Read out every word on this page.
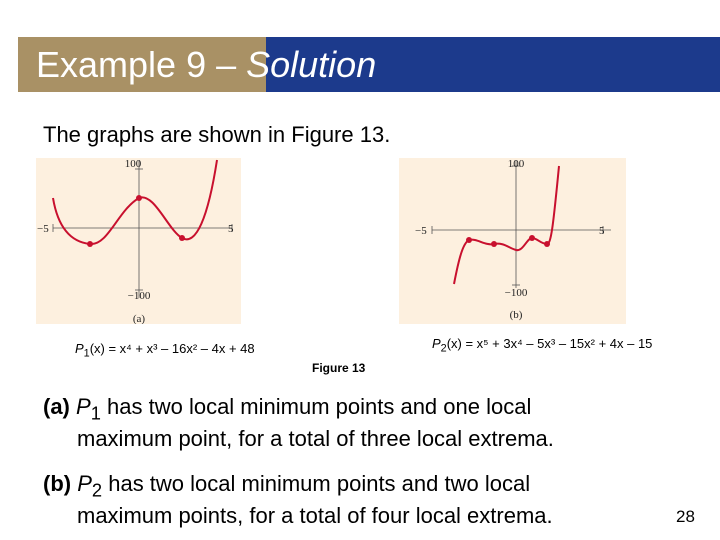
Example 9 – Solution
The graphs are shown in Figure 13.
100
−100
−5	5
(a)
100
−100
−5	5
(b)
$P_1(x) = x^4 + x^3 - 16x^2 - 4x + 48$	$P_2(x) = x^5 + 3x^4 - 5x^3 - 15x^2 + 4x - 15$
Figure 13
(a) $P_1$ has two local minimum points and one local
maximum point, for a total of three local extrema.
(b) $P_2$ has two local minimum points and two local
maximum points, for a total of four local extrema.	28
